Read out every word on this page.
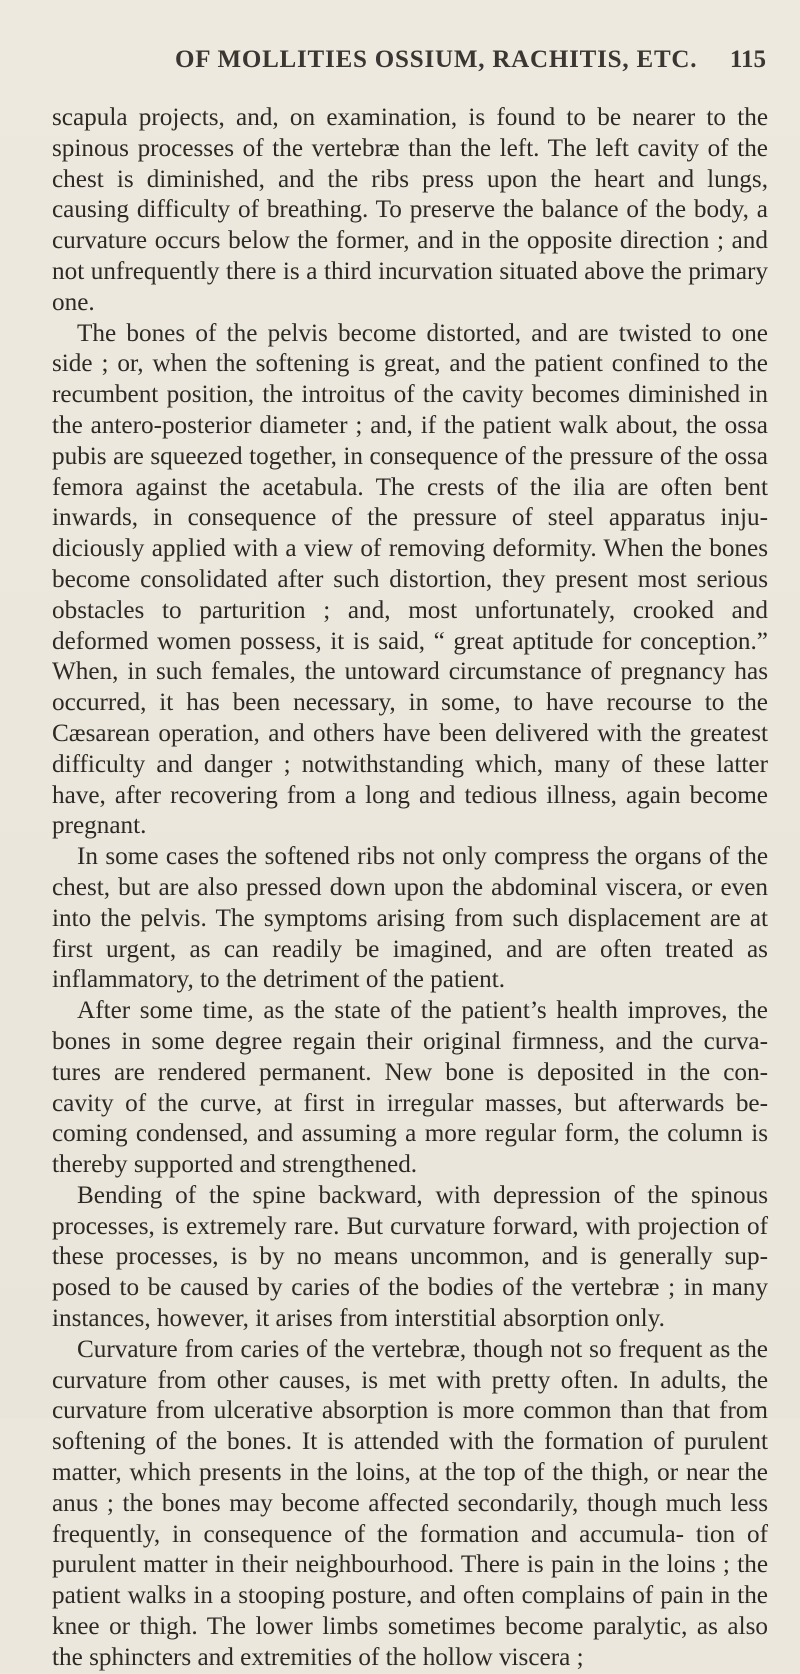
OF MOLLITIES OSSIUM, RACHITIS, ETC. 115

scapula projects, and, on examination, is found to be nearer to the spinous processes of the vertebræ than the left. The left cavity of the chest is diminished, and the ribs press upon the heart and lungs, causing difficulty of breathing. To preserve the balance of the body, a curvature occurs below the former, and in the opposite direction ; and not unfrequently there is a third incurvation situated above the primary one.

The bones of the pelvis become distorted, and are twisted to one side ; or, when the softening is great, and the patient confined to the recumbent position, the introitus of the cavity becomes diminished in the antero-posterior diameter ; and, if the patient walk about, the ossa pubis are squeezed together, in consequence of the pressure of the ossa femora against the acetabula. The crests of the ilia are often bent inwards, in consequence of the pressure of steel apparatus inju- diciously applied with a view of removing deformity. When the bones become consolidated after such distortion, they present most serious obstacles to parturition ; and, most unfortunately, crooked and deformed women possess, it is said, “ great aptitude for conception.” When, in such females, the untoward circumstance of pregnancy has occurred, it has been necessary, in some, to have recourse to the Cæsarean operation, and others have been delivered with the greatest difficulty and danger ; notwithstanding which, many of these latter have, after recovering from a long and tedious illness, again become pregnant.

In some cases the softened ribs not only compress the organs of the chest, but are also pressed down upon the abdominal viscera, or even into the pelvis. The symptoms arising from such displacement are at first urgent, as can readily be imagined, and are often treated as inflammatory, to the detriment of the patient.

After some time, as the state of the patient’s health improves, the bones in some degree regain their original firmness, and the curva- tures are rendered permanent. New bone is deposited in the con- cavity of the curve, at first in irregular masses, but afterwards be- coming condensed, and assuming a more regular form, the column is thereby supported and strengthened.

Bending of the spine backward, with depression of the spinous processes, is extremely rare. But curvature forward, with projection of these processes, is by no means uncommon, and is generally sup- posed to be caused by caries of the bodies of the vertebræ ; in many instances, however, it arises from interstitial absorption only.

Curvature from caries of the vertebræ, though not so frequent as the curvature from other causes, is met with pretty often. In adults, the curvature from ulcerative absorption is more common than that from softening of the bones. It is attended with the formation of purulent matter, which presents in the loins, at the top of the thigh, or near the anus ; the bones may become affected secondarily, though much less frequently, in consequence of the formation and accumula- tion of purulent matter in their neighbourhood. There is pain in the loins ; the patient walks in a stooping posture, and often complains of pain in the knee or thigh. The lower limbs sometimes become paralytic, as also the sphincters and extremities of the hollow viscera ;
